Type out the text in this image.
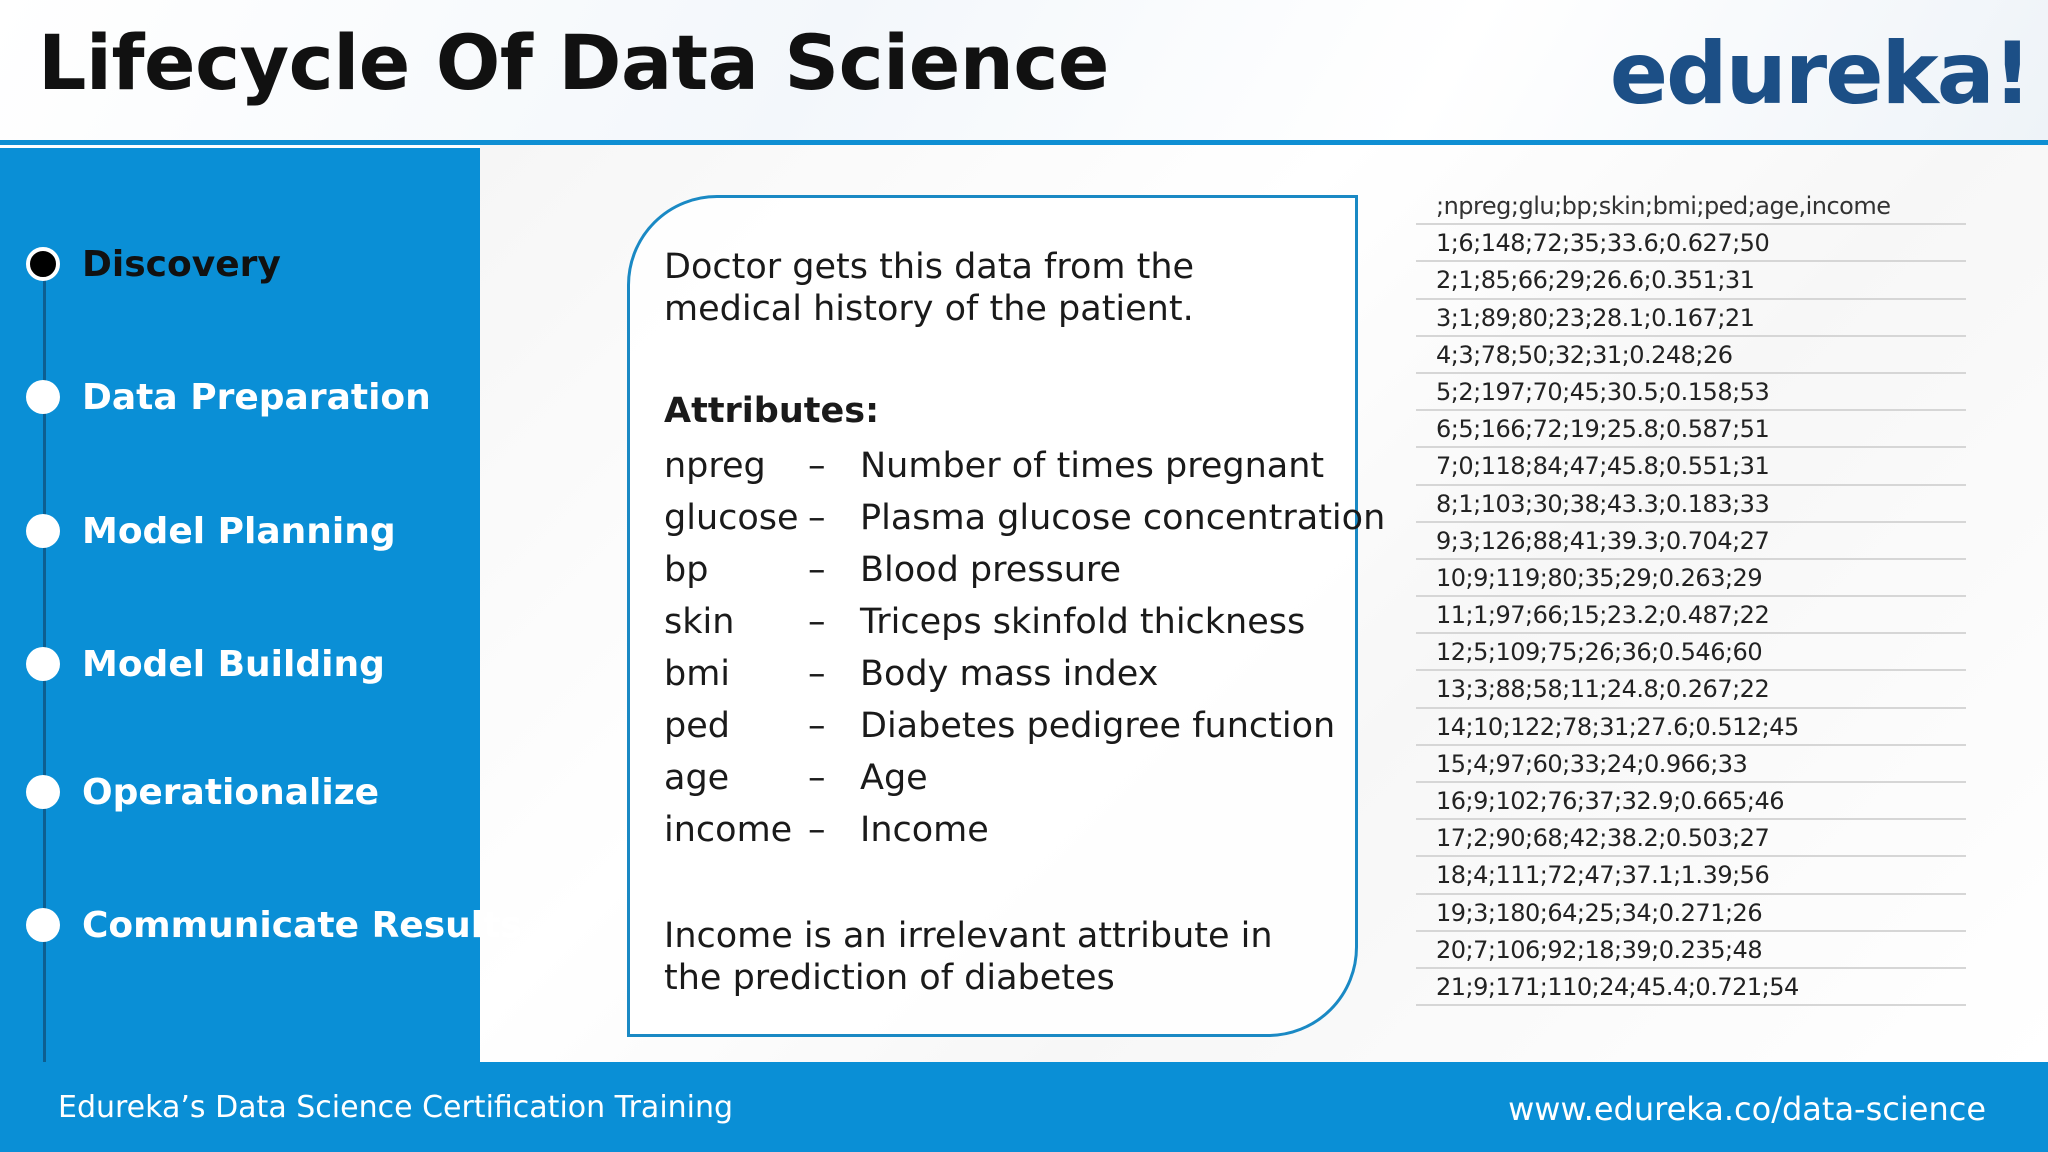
Lifecycle Of Data Science	edureka!
Discovery
Data Preparation
Model Planning
Model Building
Operationalize
Communicate Results
Doctor gets this data from the medical history of the patient.
Attributes:
npreg – Number of times pregnant
glucose – Plasma glucose concentration
bp	– Blood pressure
skin – Triceps skinfold thickness
bmi – Body mass index
ped – Diabetes pedigree function
age – Age
income – Income
Income is an irrelevant attribute in the prediction of diabetes
;npreg;glu;bp;skin;bmi;ped;age,income
1;6;148;72;35;33.6;0.627;50
2;1;85;66;29;26.6;0.351;31
3;1;89;80;23;28.1;0.167;21
4;3;78;50;32;31;0.248;26
5;2;197;70;45;30.5;0.158;53
6;5;166;72;19;25.8;0.587;51
7;0;118;84;47;45.8;0.551;31
8;1;103;30;38;43.3;0.183;33
9;3;126;88;41;39.3;0.704;27
10;9;119;80;35;29;0.263;29
11;1;97;66;15;23.2;0.487;22
12;5;109;75;26;36;0.546;60
13;3;88;58;11;24.8;0.267;22
14;10;122;78;31;27.6;0.512;45
15;4;97;60;33;24;0.966;33
16;9;102;76;37;32.9;0.665;46
17;2;90;68;42;38.2;0.503;27
18;4;111;72;47;37.1;1.39;56
19;3;180;64;25;34;0.271;26
20;7;106;92;18;39;0.235;48
21;9;171;110;24;45.4;0.721;54
Edureka’s Data Science Certification Training	www.edureka.co/data-science
